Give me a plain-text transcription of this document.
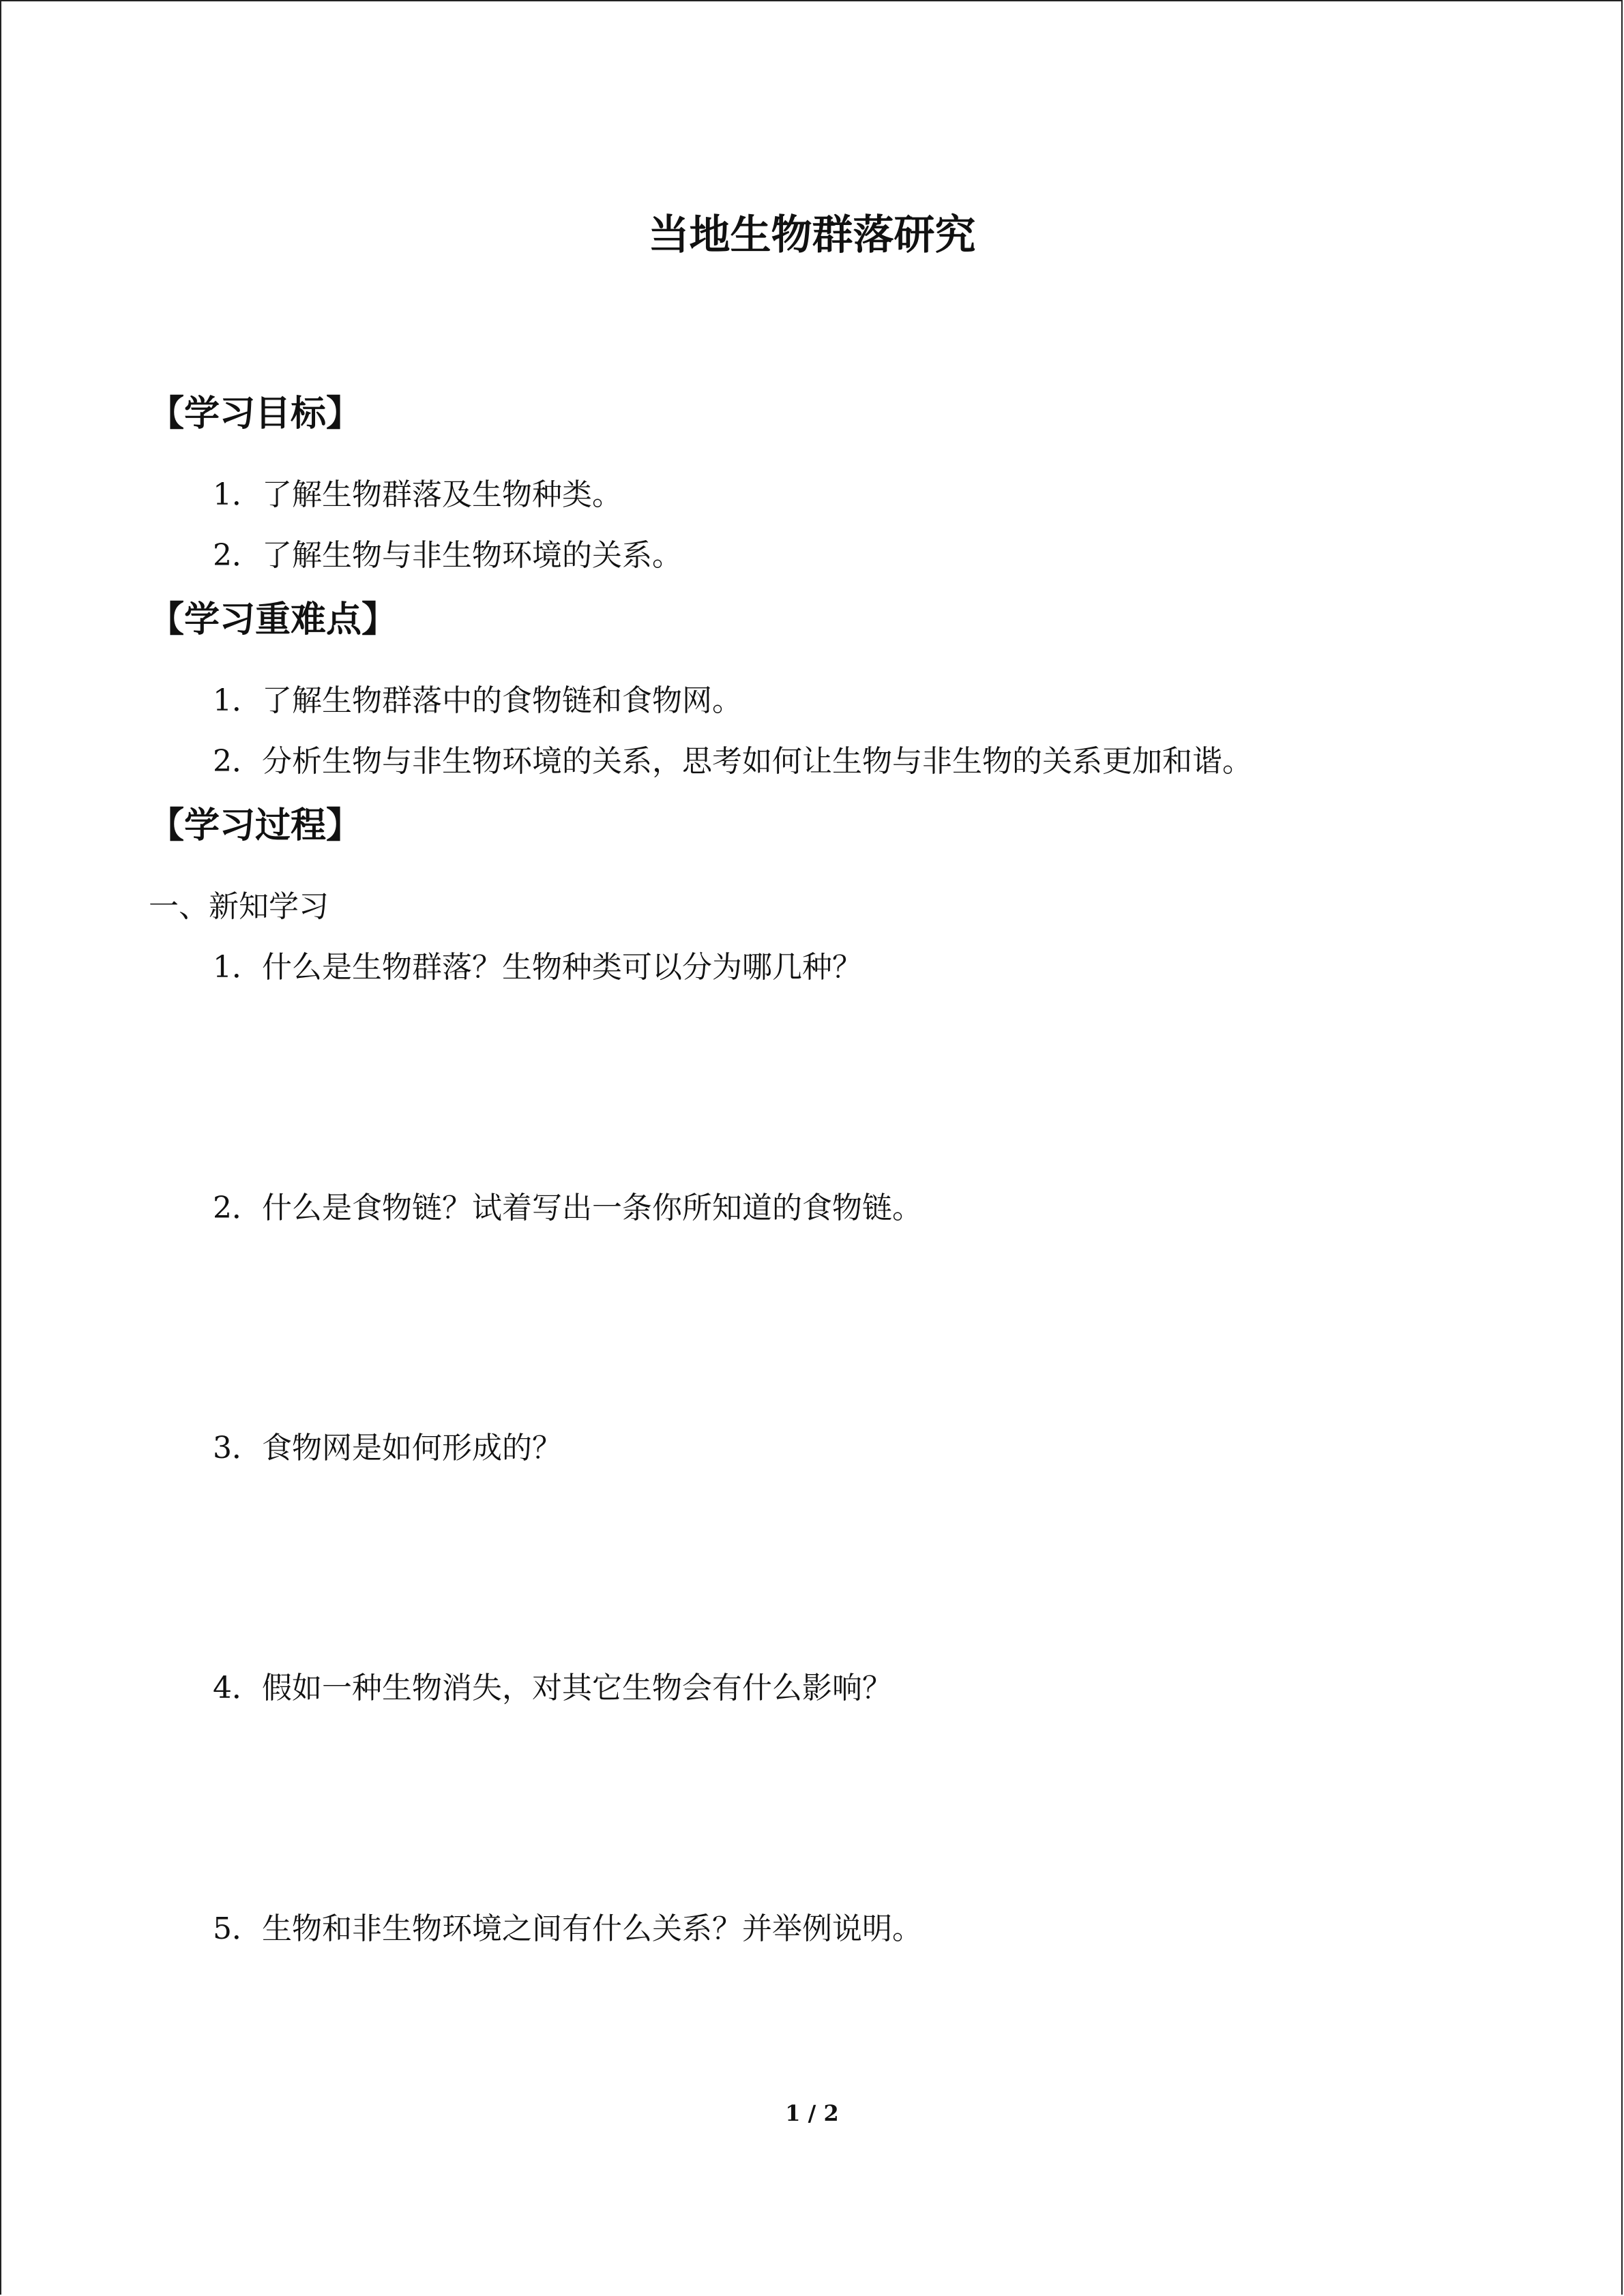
当地生物群落研究
【学习目标】

1．了解生物群落及生物种类。

2．了解生物与非生物环境的关系。

【学习重难点】

1．了解生物群落中的食物链和食物网。

2．分析生物与非生物环境的关系，思考如何让生物与非生物的关系更加和谐。

【学习过程】

一、新知学习

1．什么是生物群落？生物种类可以分为哪几种？

2．什么是食物链？试着写出一条你所知道的食物链。

3．食物网是如何形成的？

4．假如一种生物消失，对其它生物会有什么影响？

5．生物和非生物环境之间有什么关系？并举例说明。

1 / 2
